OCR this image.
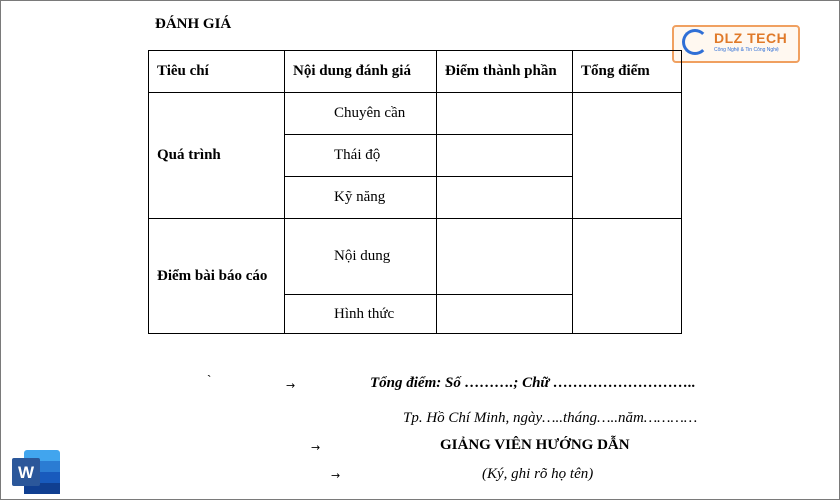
ĐÁNH GIÁ
DLZ TECH
Công Nghệ & Tin Công Nghệ
Tiêu chí	Nội dung đánh giá	Điểm thành phần	Tổng điểm
Quá trình	Chuyên cần		
	Thái độ		
	Kỹ năng		
Điểm bài báo cáo	Nội dung		
	Hình thức		
`	→	Tổng điểm: Số ……….; Chữ ………………………..
Tp. Hồ Chí Minh, ngày…..tháng…..năm…………
→	GIẢNG VIÊN HƯỚNG DẪN
→	(Ký, ghi rõ họ tên)
W
